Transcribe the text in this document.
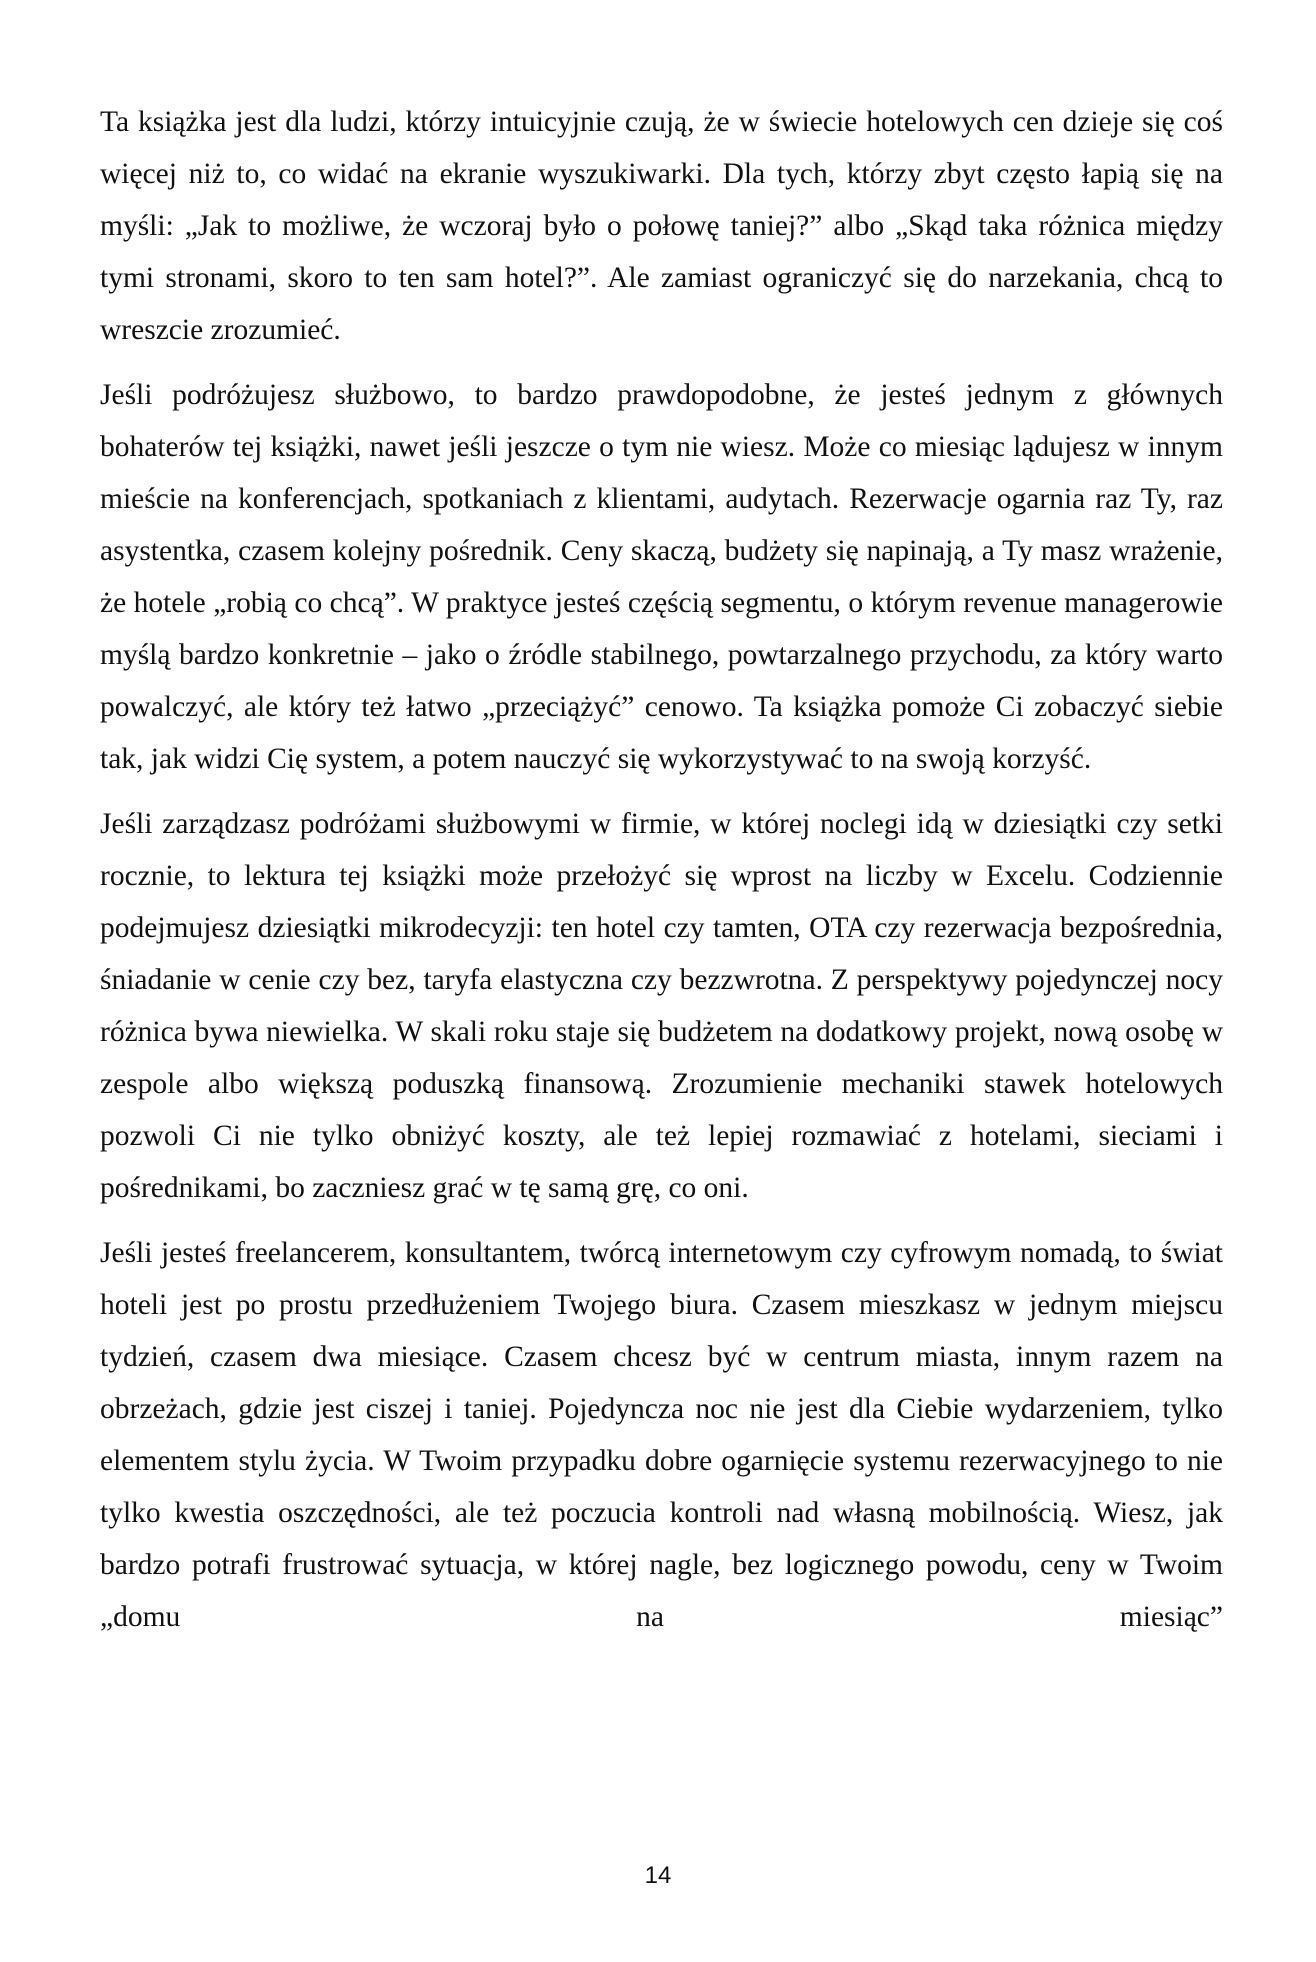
Ta książka jest dla ludzi, którzy intuicyjnie czują, że w świecie hotelowych cen dzieje się coś więcej niż to, co widać na ekranie wyszukiwarki. Dla tych, którzy zbyt często łapią się na myśli: „Jak to możliwe, że wczoraj było o połowę taniej?” albo „Skąd taka różnica między tymi stronami, skoro to ten sam hotel?”. Ale zamiast ograniczyć się do narzekania, chcą to wreszcie zrozumieć.

Jeśli podróżujesz służbowo, to bardzo prawdopodobne, że jesteś jednym z głównych bohaterów tej książki, nawet jeśli jeszcze o tym nie wiesz. Może co miesiąc lądujesz w innym mieście na konferencjach, spotkaniach z klientami, audytach. Rezerwacje ogarnia raz Ty, raz asystentka, czasem kolejny pośrednik. Ceny skaczą, budżety się napinają, a Ty masz wrażenie, że hotele „robią co chcą”. W praktyce jesteś częścią segmentu, o którym revenue managerowie myślą bardzo konkretnie – jako o źródle stabilnego, powtarzalnego przychodu, za który warto powalczyć, ale który też łatwo „przeciążyć” cenowo. Ta książka pomoże Ci zobaczyć siebie tak, jak widzi Cię system, a potem nauczyć się wykorzystywać to na swoją korzyść.

Jeśli zarządzasz podróżami służbowymi w firmie, w której noclegi idą w dziesiątki czy setki rocznie, to lektura tej książki może przełożyć się wprost na liczby w Excelu. Codziennie podejmujesz dziesiątki mikrodecyzji: ten hotel czy tamten, OTA czy rezerwacja bezpośrednia, śniadanie w cenie czy bez, taryfa elastyczna czy bezzwrotna. Z perspektywy pojedynczej nocy różnica bywa niewielka. W skali roku staje się budżetem na dodatkowy projekt, nową osobę w zespole albo większą poduszką finansową. Zrozumienie mechaniki stawek hotelowych pozwoli Ci nie tylko obniżyć koszty, ale też lepiej rozmawiać z hotelami, sieciami i pośrednikami, bo zaczniesz grać w tę samą grę, co oni.

Jeśli jesteś freelancerem, konsultantem, twórcą internetowym czy cyfrowym nomadą, to świat hoteli jest po prostu przedłużeniem Twojego biura. Czasem mieszkasz w jednym miejscu tydzień, czasem dwa miesiące. Czasem chcesz być w centrum miasta, innym razem na obrzeżach, gdzie jest ciszej i taniej. Pojedyncza noc nie jest dla Ciebie wydarzeniem, tylko elementem stylu życia. W Twoim przypadku dobre ogarnięcie systemu rezerwacyjnego to nie tylko kwestia oszczędności, ale też poczucia kontroli nad własną mobilnością. Wiesz, jak bardzo potrafi frustrować sytuacja, w której nagle, bez logicznego powodu, ceny w Twoim „domu na miesiąc”

14
